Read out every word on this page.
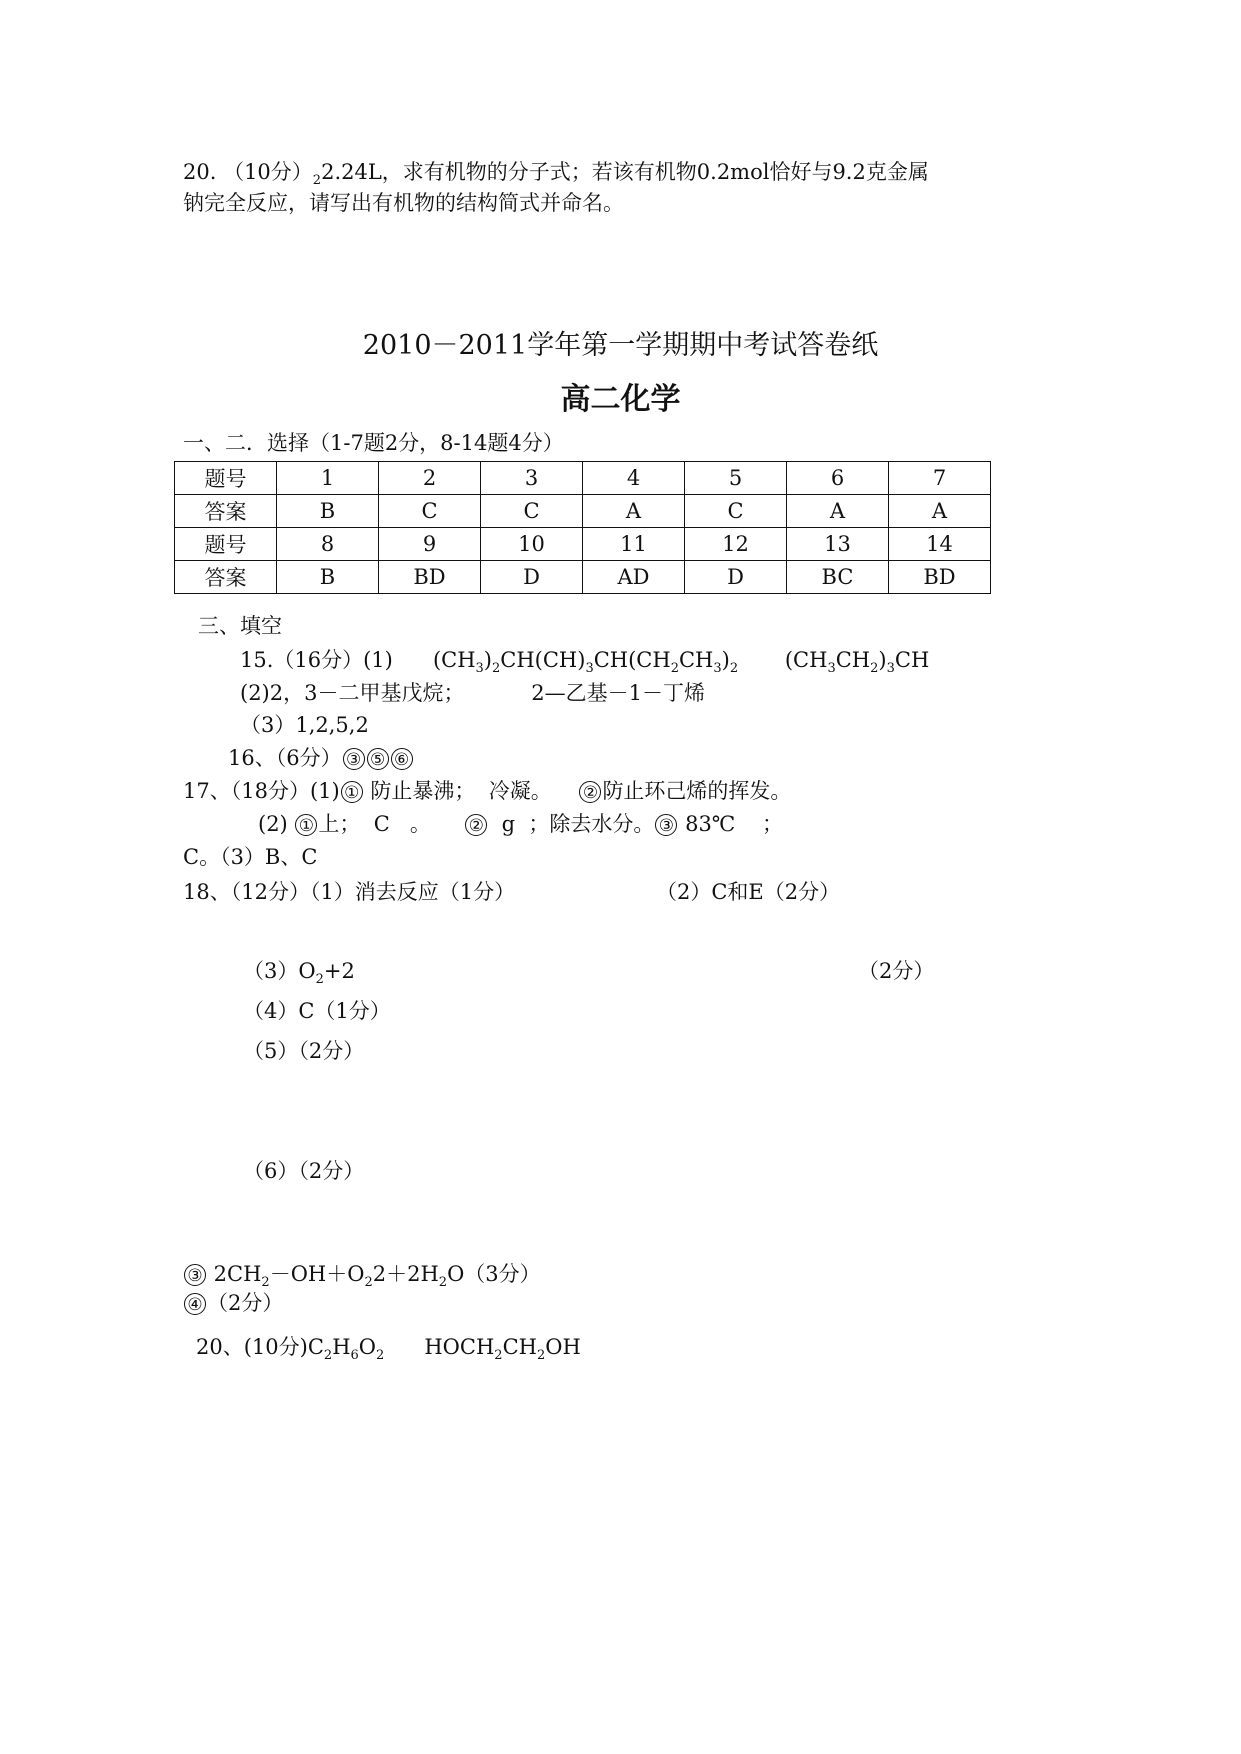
20. （10分）$_22.24L$，求有机物的分子式；若该有机物0.2mol恰好与9.2克金属
钠完全反应，请写出有机物的结构简式并命名。
2010－2011学年第一学期期中考试答卷纸
高二化学
一、二．选择（1-7题2分，8-14题4分）
题号	1	2	3	4	5	6	7
答案	B	C	C	A	C	A	A
题号	8	9	10	11	12	13	14
答案	B	BD	D	AD	D	BC	BD
三、填空
15.（16分）(1) $(CH_3)_2CH(CH)_3CH(CH_2CH_3)_2$ $(CH_3CH_2)_3CH$
(2)2，3－二甲基戊烷；          2—乙基－1－丁烯
（3）1,2,5,2
16、（6分） ③ ⑤ ⑥
17、（18分）(1) ① 防止暴沸；  冷凝。    ② 防止环己烯的挥发。
(2) ① 上；  C   。     ②  g  ；除去水分。 ③ 83℃    ；
C。（3）B、C
18、（12分）（1）消去反应（1分）	（2）C和E（2分）
$(3)O_2+2$	（2分）
（4）C（1分）
（5）（2分）
（6）（2分）
③ $2CH_2-OH+O_22+2H_2O(3$分）
④ （2分）
20、(10分)$C_2H_6O_2$ $HOCH_2CH_2OH$
